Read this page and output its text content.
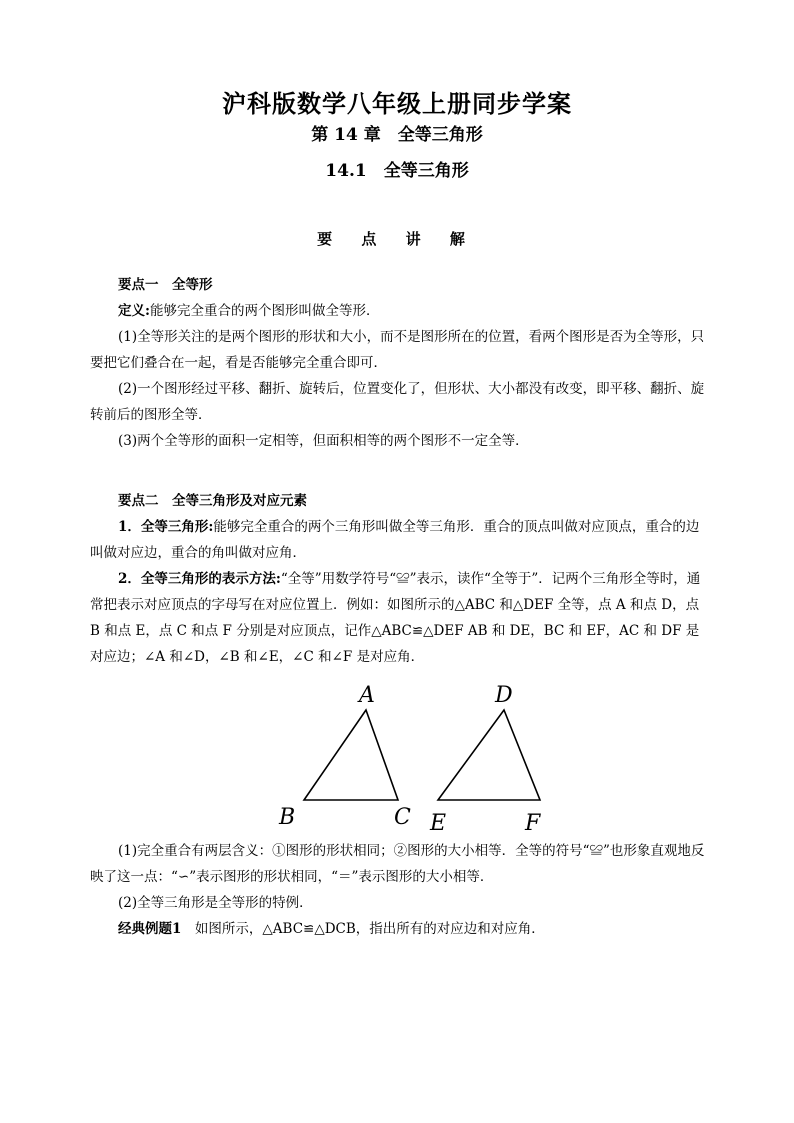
沪科版数学八年级上册同步学案
第 14 章　全等三角形
14.1　全等三角形
要 点 讲 解

要点一　全等形

定义:能够完全重合的两个图形叫做全等形．

(1)全等形关注的是两个图形的形状和大小，而不是图形所在的位置，看两个图形是否为全等形，只要把它们叠合在一起，看是否能够完全重合即可．

(2)一个图形经过平移、翻折、旋转后，位置变化了，但形状、大小都没有改变，即平移、翻折、旋转前后的图形全等．

(3)两个全等形的面积一定相等，但面积相等的两个图形不一定全等．

要点二　全等三角形及对应元素

1．全等三角形:能够完全重合的两个三角形叫做全等三角形．重合的顶点叫做对应顶点，重合的边叫做对应边，重合的角叫做对应角．

2．全等三角形的表示方法:“全等”用数学符号“≌”表示，读作“全等于”．记两个三角形全等时，通常把表示对应顶点的字母写在对应位置上．例如：如图所示的△ABC 和△DEF 全等，点 A 和点 D，点 B 和点 E，点 C 和点 F 分别是对应顶点，记作△ABC≌△DEF AB 和 DE，BC 和 EF，AC 和 DF 是对应边；∠A 和∠D，∠B 和∠E，∠C 和∠F 是对应角．

A
B	C
D
E	F

(1)完全重合有两层含义：①图形的形状相同；②图形的大小相等．全等的符号“≌”也形象直观地反映了这一点：“∽”表示图形的形状相同，“＝”表示图形的大小相等．

(2)全等三角形是全等形的特例．

经典例题1　如图所示，△ABC≌△DCB，指出所有的对应边和对应角．
